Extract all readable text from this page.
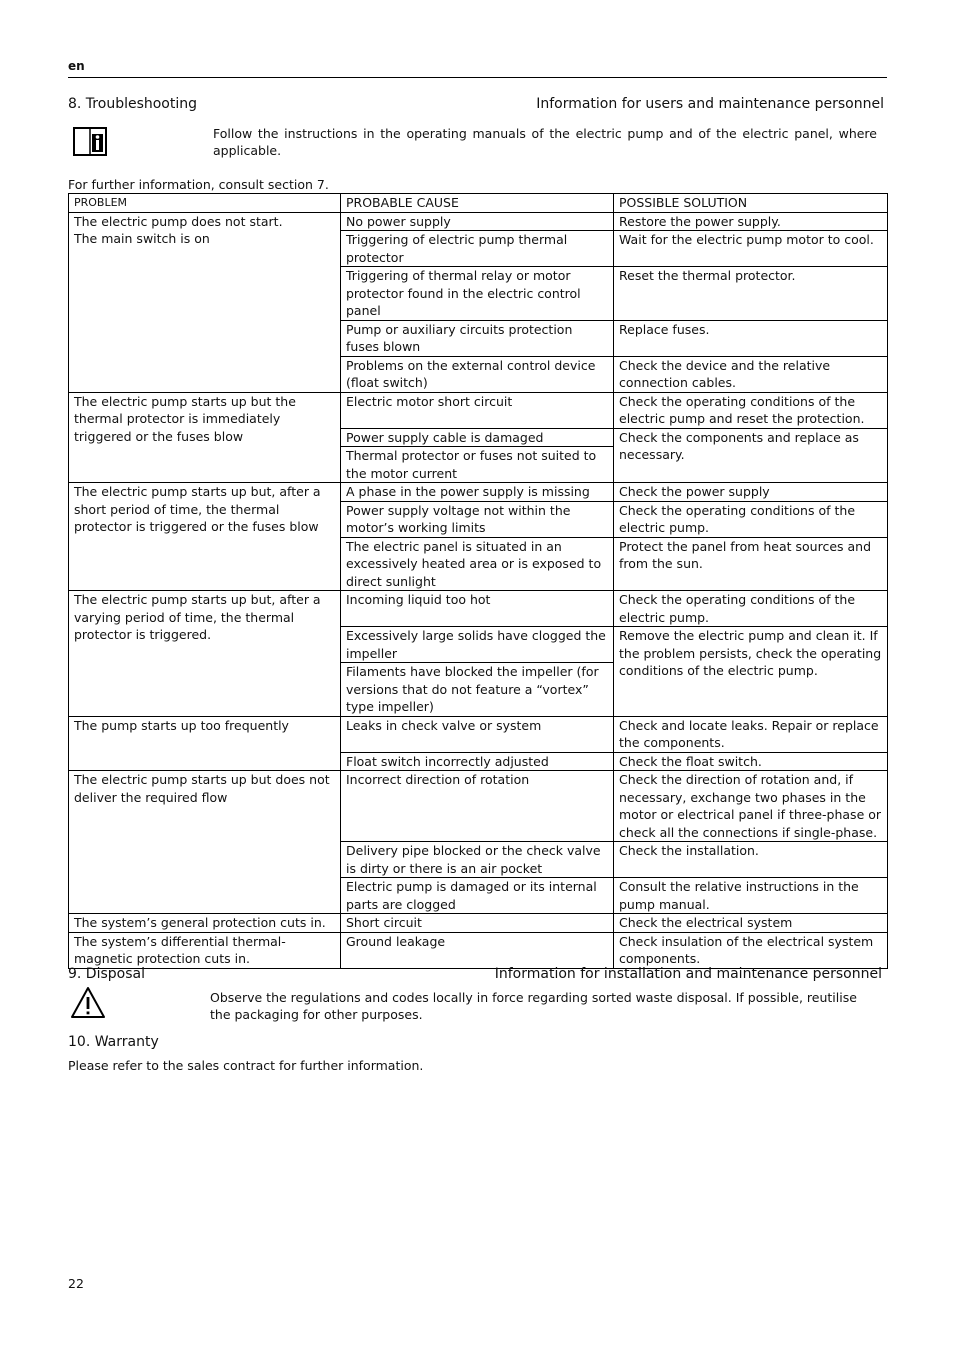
en
8. Troubleshooting	Information for users and maintenance personnel
Follow the instructions in the operating manuals of the electric pump and of the electric panel, where applicable.
For further information, consult section 7.
PROBLEM	PROBABLE CAUSE	POSSIBLE SOLUTION
The electric pump does not start.
The main switch is on	No power supply	Restore the power supply.
	Triggering of electric pump thermal protector	Wait for the electric pump motor to cool.
	Triggering of thermal relay or motor protector found in the electric control panel	Reset the thermal protector.
	Pump or auxiliary circuits protection fuses blown	Replace fuses.
	Problems on the external control device (float switch)	Check the device and the relative connection cables.
The electric pump starts up but the thermal protector is immediately triggered or the fuses blow	Electric motor short circuit	Check the operating conditions of the electric pump and reset the protection.
	Power supply cable is damaged	Check the components and replace as necessary.
	Thermal protector or fuses not suited to the motor current	
The electric pump starts up but, after a short period of time, the thermal protector is triggered or the fuses blow	A phase in the power supply is missing	Check the power supply
	Power supply voltage not within the motor’s working limits	Check the operating conditions of the electric pump.
	The electric panel is situated in an excessively heated area or is exposed to direct sunlight	Protect the panel from heat sources and from the sun.
The electric pump starts up but, after a varying period of time, the thermal protector is triggered.	Incoming liquid too hot	Check the operating conditions of the electric pump.
	Excessively large solids have clogged the impeller	Remove the electric pump and clean it. If the problem persists, check the operating conditions of the electric pump.
	Filaments have blocked the impeller (for versions that do not feature a “vortex” type impeller)	
The pump starts up too frequently	Leaks in check valve or system	Check and locate leaks. Repair or replace the components.
	Float switch incorrectly adjusted	Check the float switch.
The electric pump starts up but does not deliver the required flow	Incorrect direction of rotation	Check the direction of rotation and, if necessary, exchange two phases in the motor or electrical panel if three-phase or check all the connections if single-phase.
	Delivery pipe blocked or the check valve is dirty or there is an air pocket	Check the installation.
	Electric pump is damaged or its internal parts are clogged	Consult the relative instructions in the pump manual.
The system’s general protection cuts in.	Short circuit	Check the electrical system
The system’s differential thermal-magnetic protection cuts in.	Ground leakage	Check insulation of the electrical system components.
9. Disposal	Information for installation and maintenance personnel
Observe the regulations and codes locally in force regarding sorted waste disposal. If possible, reutilise the packaging for other purposes.
10. Warranty
Please refer to the sales contract for further information.
22
